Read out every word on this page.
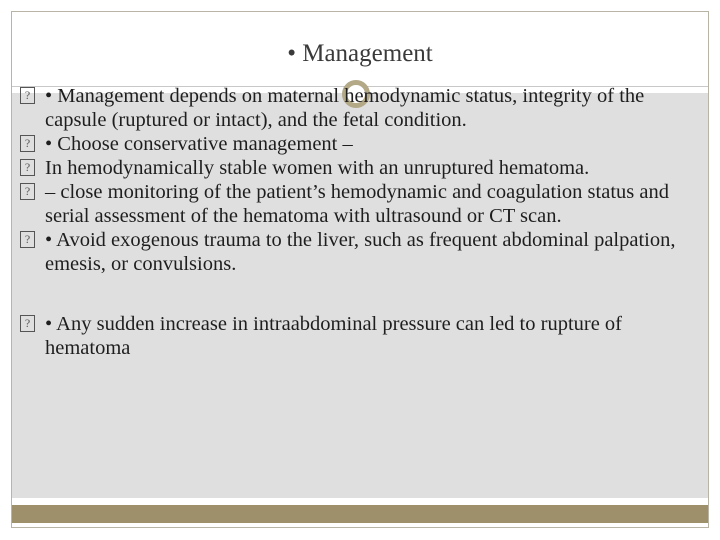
• Management
? • Management depends on maternal hemodynamic status, integrity of the capsule (ruptured or intact), and the fetal condition.
? • Choose conservative management –
? In hemodynamically stable women with an unruptured hematoma.
? – close monitoring of the patient’s hemodynamic and coagulation status and serial assessment of the hematoma with ultrasound or CT scan.
? • Avoid exogenous trauma to the liver, such as frequent abdominal palpation, emesis, or convulsions.
? • Any sudden increase in intraabdominal pressure can led to rupture of hematoma
